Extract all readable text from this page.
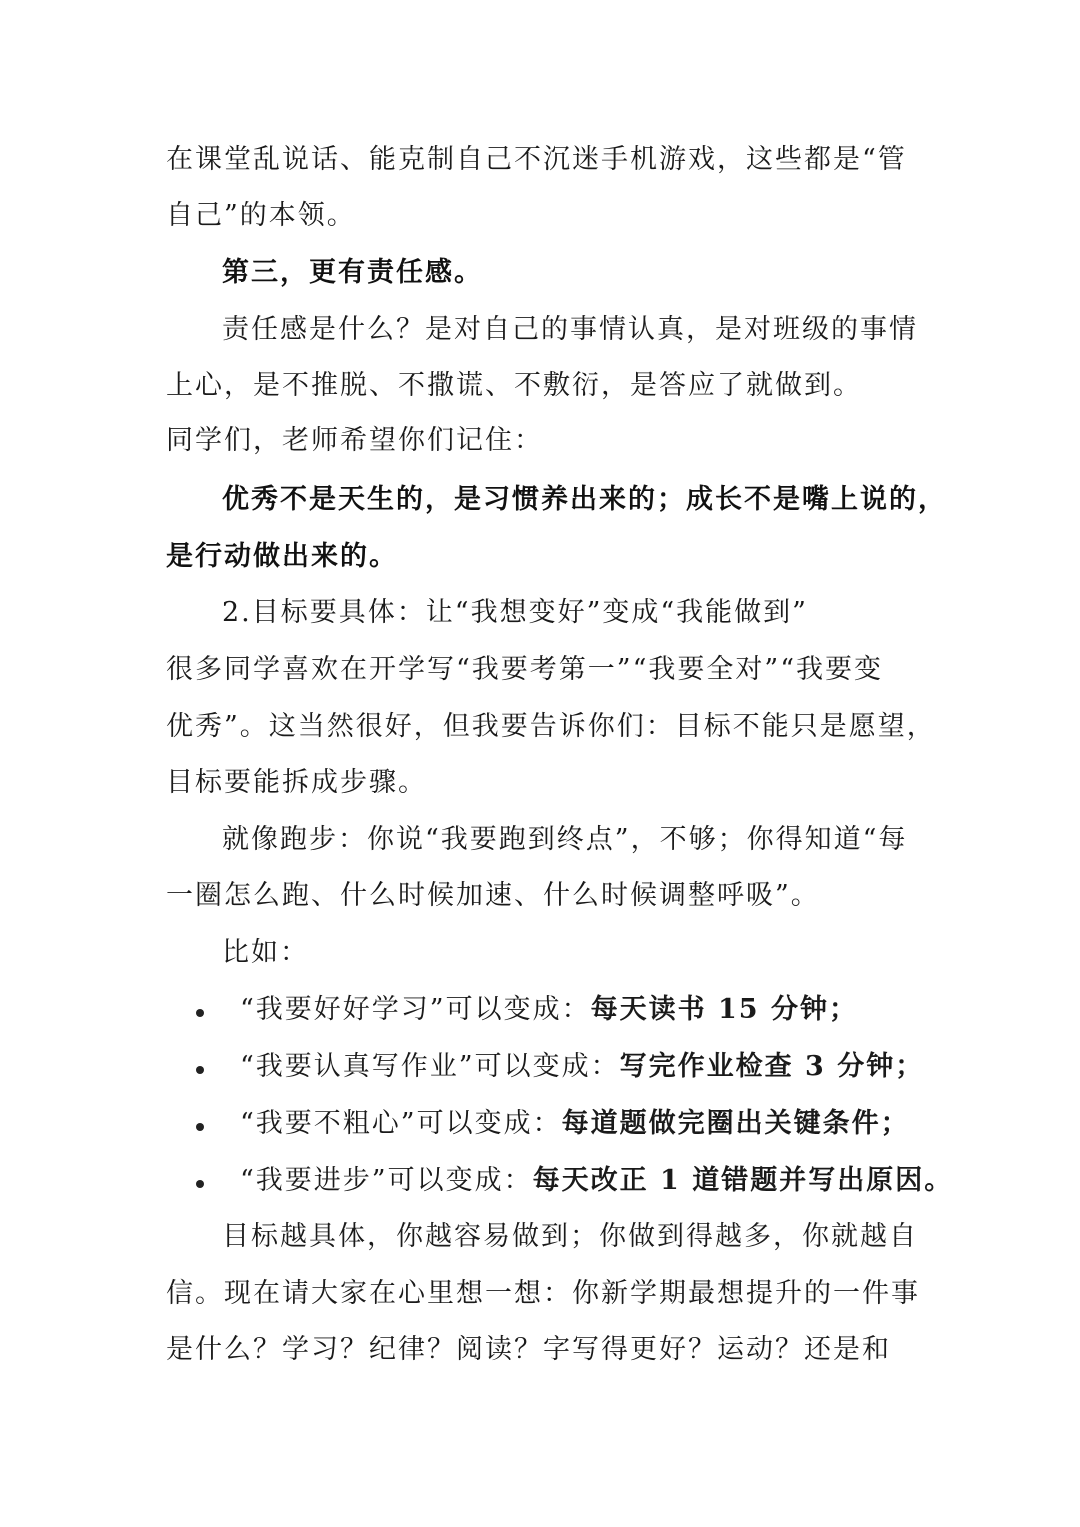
在课堂乱说话、能克制自己不沉迷手机游戏，这些都是“管
自己”的本领。
第三，更有责任感。
责任感是什么？是对自己的事情认真，是对班级的事情
上心，是不推脱、不撒谎、不敷衍，是答应了就做到。
同学们，老师希望你们记住：
优秀不是天生的，是习惯养出来的；成长不是嘴上说的，
是行动做出来的。
2.目标要具体：让“我想变好”变成“我能做到”
很多同学喜欢在开学写“我要考第一”“我要全对”“我要变
优秀”。这当然很好，但我要告诉你们：目标不能只是愿望，
目标要能拆成步骤。
就像跑步：你说“我要跑到终点”，不够；你得知道“每
一圈怎么跑、什么时候加速、什么时候调整呼吸”。
比如：
“我要好好学习”可以变成：每天读书 15 分钟；
“我要认真写作业”可以变成：写完作业检查 3 分钟；
“我要不粗心”可以变成：每道题做完圈出关键条件；
“我要进步”可以变成：每天改正 1 道错题并写出原因。
目标越具体，你越容易做到；你做到得越多，你就越自
信。现在请大家在心里想一想：你新学期最想提升的一件事
是什么？学习？纪律？阅读？字写得更好？运动？还是和
